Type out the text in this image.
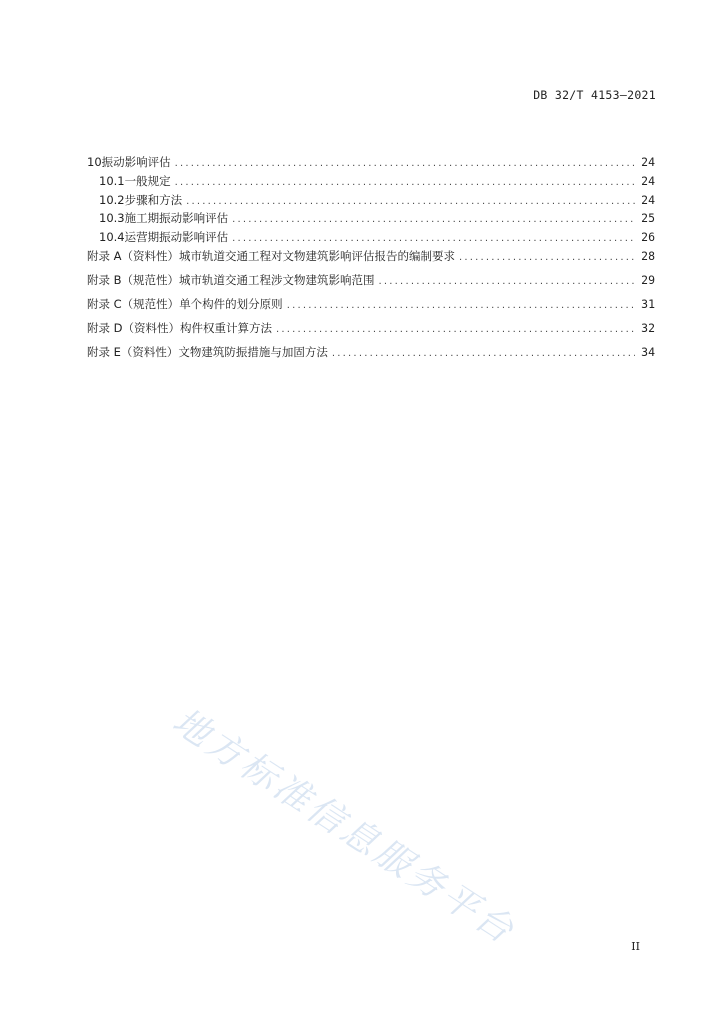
DB 32/T 4153—2021
10 振动影响评估 .....	24
10.1 一般规定 .....	24
10.2 步骤和方法 .....	24
10.3 施工期振动影响评估 .....	25
10.4 运营期振动影响评估 .....	26
附录 A（资料性） 城市轨道交通工程对文物建筑影响评估报告的编制要求 .....	28
附录 B（规范性） 城市轨道交通工程涉文物建筑影响范围 .....	29
附录 C（规范性） 单个构件的划分原则 .....	31
附录 D（资料性） 构件权重计算方法 .....	32
附录 E（资料性） 文物建筑防振措施与加固方法 .....	34
地方标准信息服务平台	II
